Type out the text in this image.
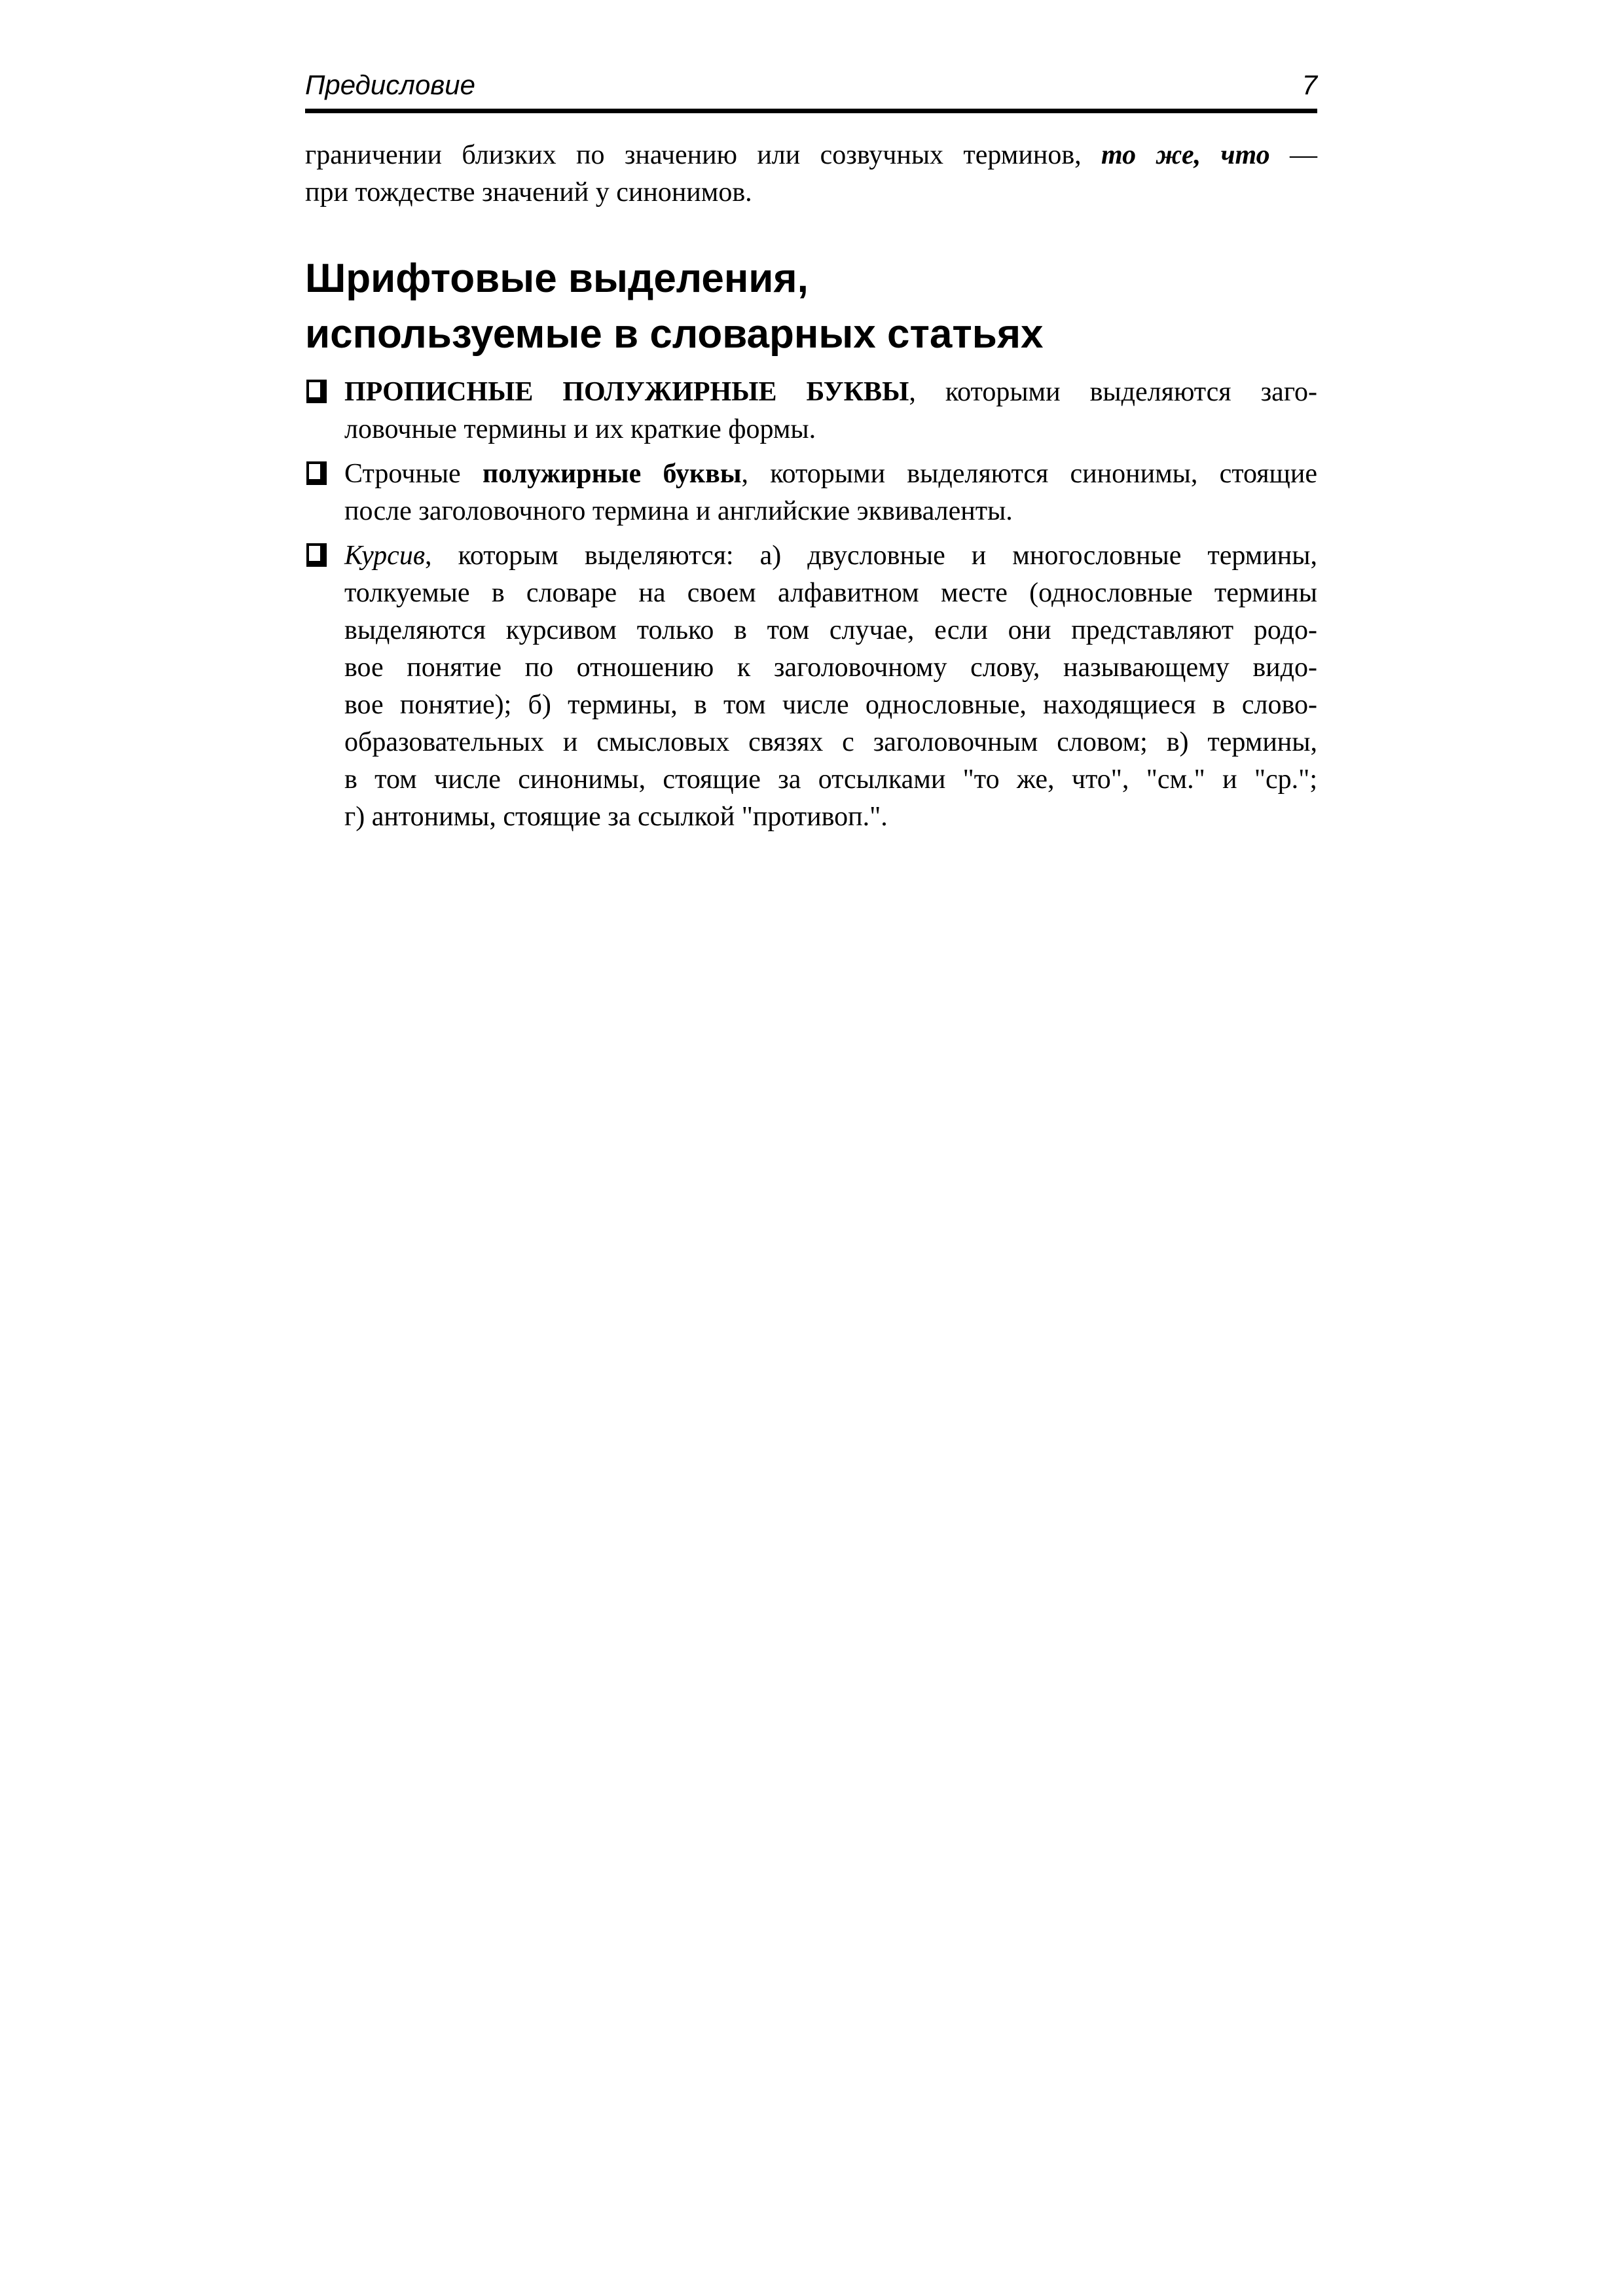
Предисловие	7
граничении близких по значению или созвучных терминов, то же, что —
при тождестве значений у синонимов.
Шрифтовые выделения,
используемые в словарных статьях
ПРОПИСНЫЕ ПОЛУЖИРНЫЕ БУКВЫ, которыми выделяются заго-
ловочные термины и их краткие формы.
Строчные полужирные буквы, которыми выделяются синонимы, стоящие
после заголовочного термина и английские эквиваленты.
Курсив, которым выделяются: а) двусловные и многословные термины,
толкуемые в словаре на своем алфавитном месте (однословные термины
выделяются курсивом только в том случае, если они представляют родо-
вое понятие по отношению к заголовочному слову, называющему видо-
вое понятие); б) термины, в том числе однословные, находящиеся в слово-
образовательных и смысловых связях с заголовочным словом; в) термины,
в том числе синонимы, стоящие за отсылками "то же, что", "см." и "ср.";
г) антонимы, стоящие за ссылкой "противоп.".
